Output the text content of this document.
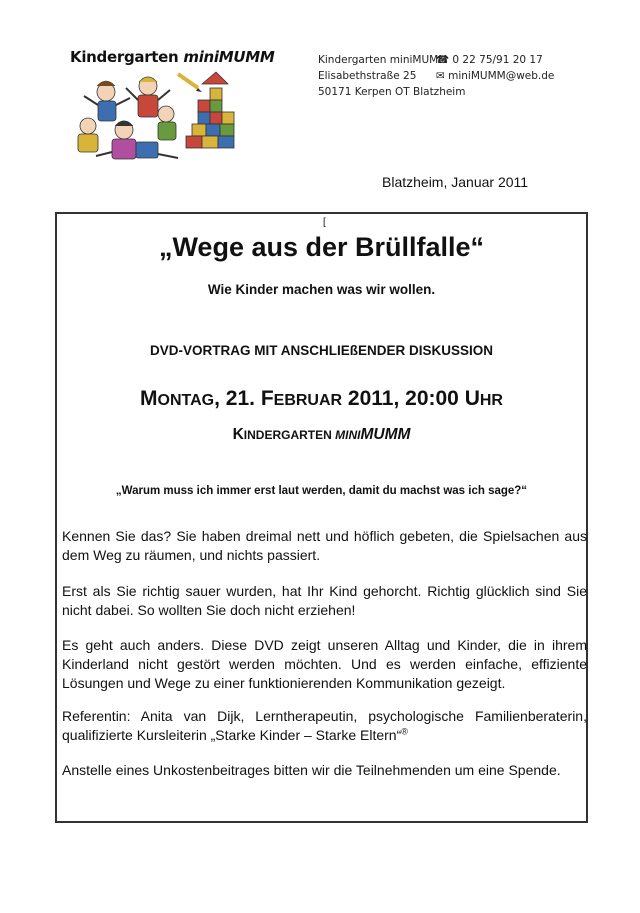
Kindergarten miniMUMM	Kindergarten miniMUMM
☎ 0 22 75/91 20 17
Elisabethstraße 25 ✉ miniMUMM@web.de
50171 Kerpen OT Blatzheim
Blatzheim, Januar 2011
[
„Wege aus der Brüllfalle“
Wie Kinder machen was wir wollen.
DVD-VORTRAG MIT ANSCHLIEßENDER DISKUSSION
MONTAG, 21. FEBRUAR 2011, 20:00 UHR
KINDERGARTEN MINIMUMM
„Warum muss ich immer erst laut werden, damit du machst was ich sage?“
Kennen Sie das? Sie haben dreimal nett und höflich gebeten, die Spielsachen aus dem Weg zu räumen, und nichts passiert.
Erst als Sie richtig sauer wurden, hat Ihr Kind gehorcht. Richtig glücklich sind Sie nicht dabei. So wollten Sie doch nicht erziehen!
Es geht auch anders. Diese DVD zeigt unseren Alltag und Kinder, die in ihrem Kinderland nicht gestört werden möchten. Und es werden einfache, effiziente Lösungen und Wege zu einer funktionierenden Kommunikation gezeigt.
Referentin: Anita van Dijk, Lerntherapeutin, psychologische Familienberaterin, qualifizierte Kursleiterin „Starke Kinder – Starke Eltern“®
Anstelle eines Unkostenbeitrages bitten wir die Teilnehmenden um eine Spende.
